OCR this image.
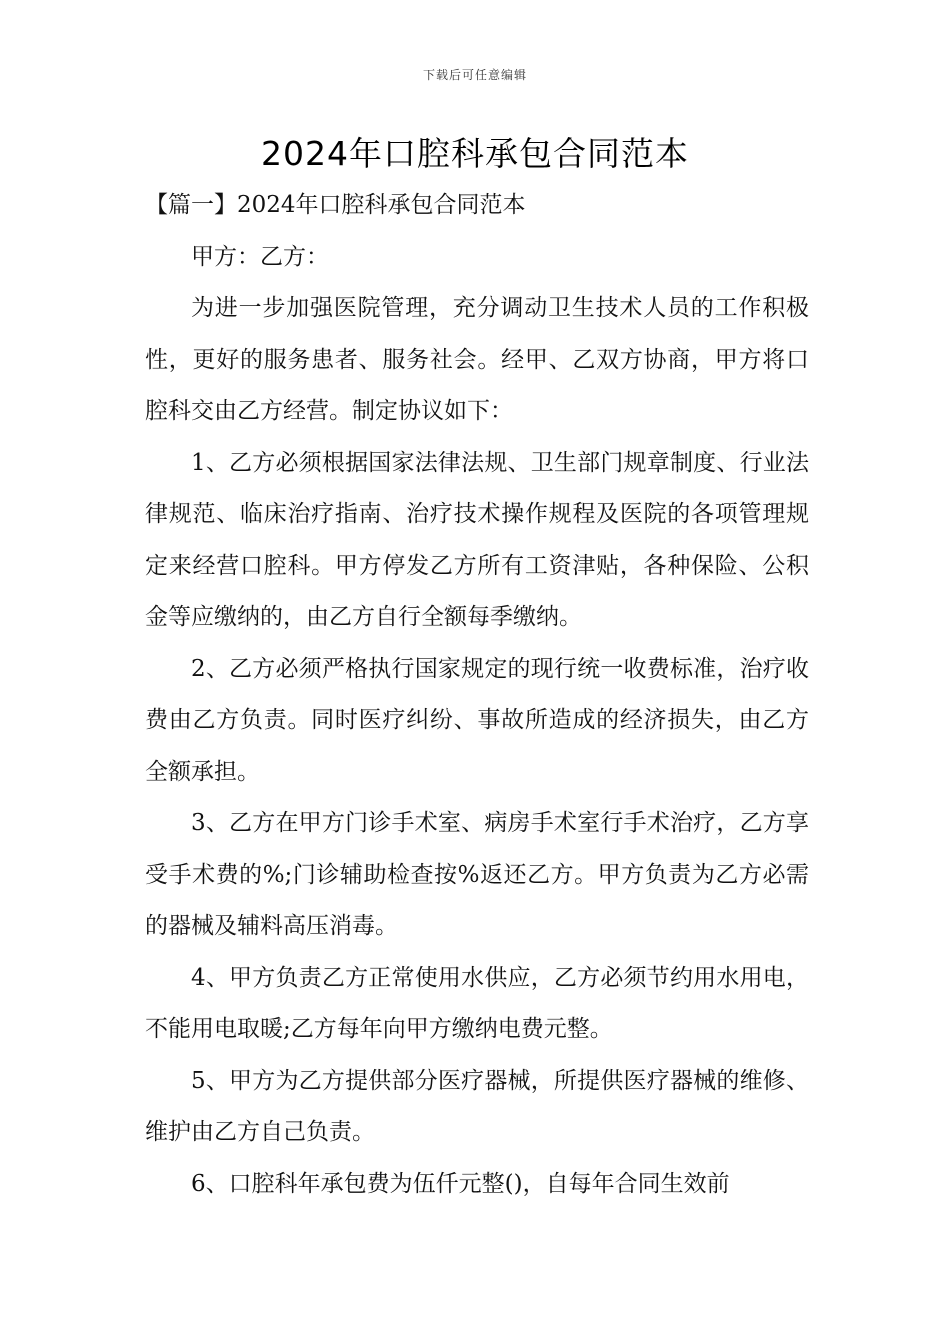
下载后可任意编辑
2024年口腔科承包合同范本

【篇一】2024年口腔科承包合同范本

甲方：乙方：

为进一步加强医院管理，充分调动卫生技术人员的工作积极性，更好的服务患者、服务社会。经甲、乙双方协商，甲方将口腔科交由乙方经营。制定协议如下：

1、乙方必须根据国家法律法规、卫生部门规章制度、行业法律规范、临床治疗指南、治疗技术操作规程及医院的各项管理规定来经营口腔科。甲方停发乙方所有工资津贴，各种保险、公积金等应缴纳的，由乙方自行全额每季缴纳。

2、乙方必须严格执行国家规定的现行统一收费标准，治疗收费由乙方负责。同时医疗纠纷、事故所造成的经济损失，由乙方全额承担。

3、乙方在甲方门诊手术室、病房手术室行手术治疗，乙方享受手术费的%;门诊辅助检查按%返还乙方。甲方负责为乙方必需的器械及辅料高压消毒。

4、甲方负责乙方正常使用水供应，乙方必须节约用水用电，不能用电取暖;乙方每年向甲方缴纳电费元整。

5、甲方为乙方提供部分医疗器械，所提供医疗器械的维修、维护由乙方自己负责。

6、口腔科年承包费为伍仟元整()，自每年合同生效前
